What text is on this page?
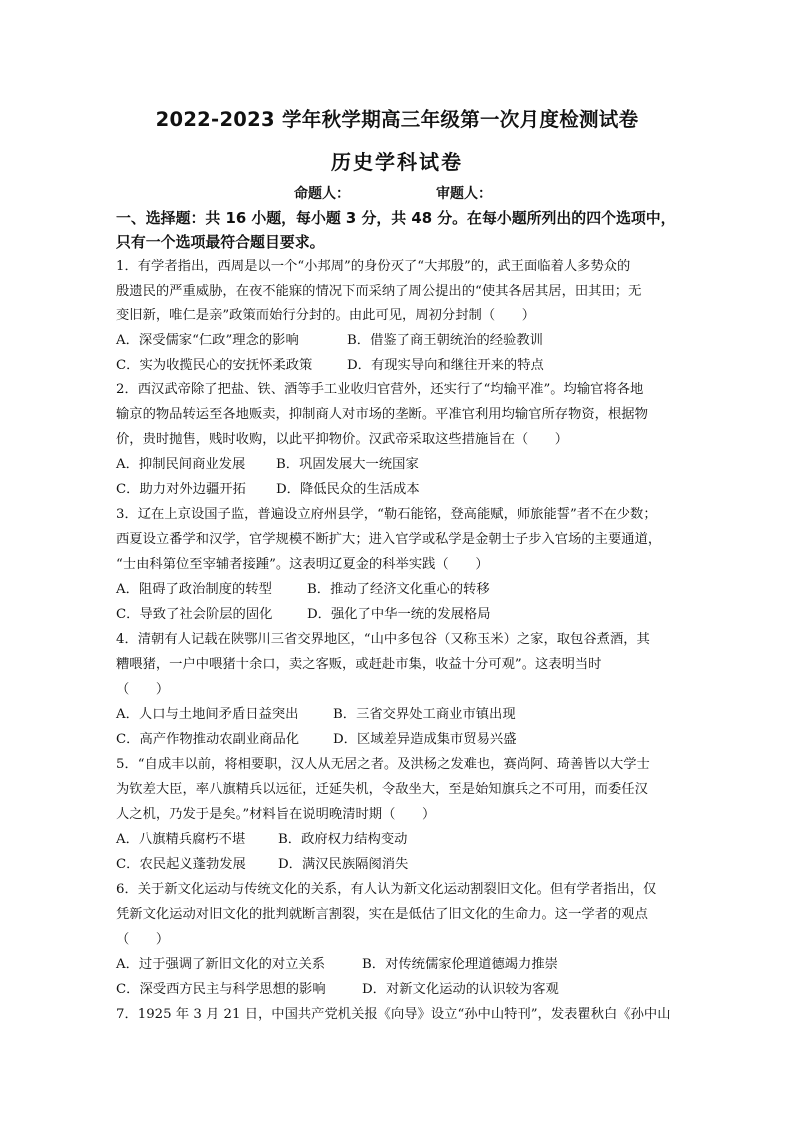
2022-2023 学年秋学期高三年级第一次月度检测试卷
历史学科试卷
命题人：	审题人：
一、选择题：共 16 小题，每小题 3 分，共 48 分。在每小题所列出的四个选项中，
只有一个选项最符合题目要求。
1．有学者指出，西周是以一个“小邦周”的身份灭了“大邦殷”的，武王面临着人多势众的
殷遗民的严重威胁，在夜不能寐的情况下而采纳了周公提出的“使其各居其居，田其田；无
变旧新，唯仁是亲”政策而始行分封的。由此可见，周初分封制（　　）
A．深受儒家“仁政”理念的影响	B．借鉴了商王朝统治的经验教训
C．实为收揽民心的安抚怀柔政策	D．有现实导向和继往开来的特点
2．西汉武帝除了把盐、铁、酒等手工业收归官营外，还实行了“均输平准”。均输官将各地
输京的物品转运至各地贩卖，抑制商人对市场的垄断。平准官利用均输官所存物资，根据物
价，贵时抛售，贱时收购，以此平抑物价。汉武帝采取这些措施旨在（　　）
A．抑制民间商业发展 B．巩固发展大一统国家
C．助力对外边疆开拓 D．降低民众的生活成本
3．辽在上京设国子监，普遍设立府州县学，“勒石能铭，登高能赋，师旅能誓”者不在少数；
西夏设立番学和汉学，官学规模不断扩大；进入官学或私学是金朝士子步入官场的主要通道，
“士由科第位至宰辅者接踵”。这表明辽夏金的科举实践（　　）
A．阻碍了政治制度的转型	B．推动了经济文化重心的转移
C．导致了社会阶层的固化	D．强化了中华一统的发展格局
4．清朝有人记载在陕鄂川三省交界地区，“山中多包谷（又称玉米）之家，取包谷煮酒，其
糟喂猪，一户中喂猪十余口，卖之客贩，或赶赴市集，收益十分可观”。这表明当时
（　　）
A．人口与土地间矛盾日益突出	B．三省交界处工商业市镇出现
C．高产作物推动农副业商品化	D．区域差异造成集市贸易兴盛
5．“自成丰以前，将相要职，汉人从无居之者。及洪杨之发难也，赛尚阿、琦善皆以大学士
为钦差大臣，率八旗精兵以远征，迁延失机，令敌坐大，至是始知旗兵之不可用，而委任汉
人之机，乃发于是矣。”材料旨在说明晚清时期（　　）
A．八旗精兵腐朽不堪 B．政府权力结构变动
C．农民起义蓬勃发展 D．满汉民族隔阂消失
6．关于新文化运动与传统文化的关系，有人认为新文化运动割裂旧文化。但有学者指出，仅
凭新文化运动对旧文化的批判就断言割裂，实在是低估了旧文化的生命力。这一学者的观点
（　　）
A．过于强调了新旧文化的对立关系	B．对传统儒家伦理道德竭力推崇
C．深受西方民主与科学思想的影响	D．对新文化运动的认识较为客观
7．1925 年 3 月 21 日，中国共产党机关报《向导》设立“孙中山特刊”，发表瞿秋白《孙中山
